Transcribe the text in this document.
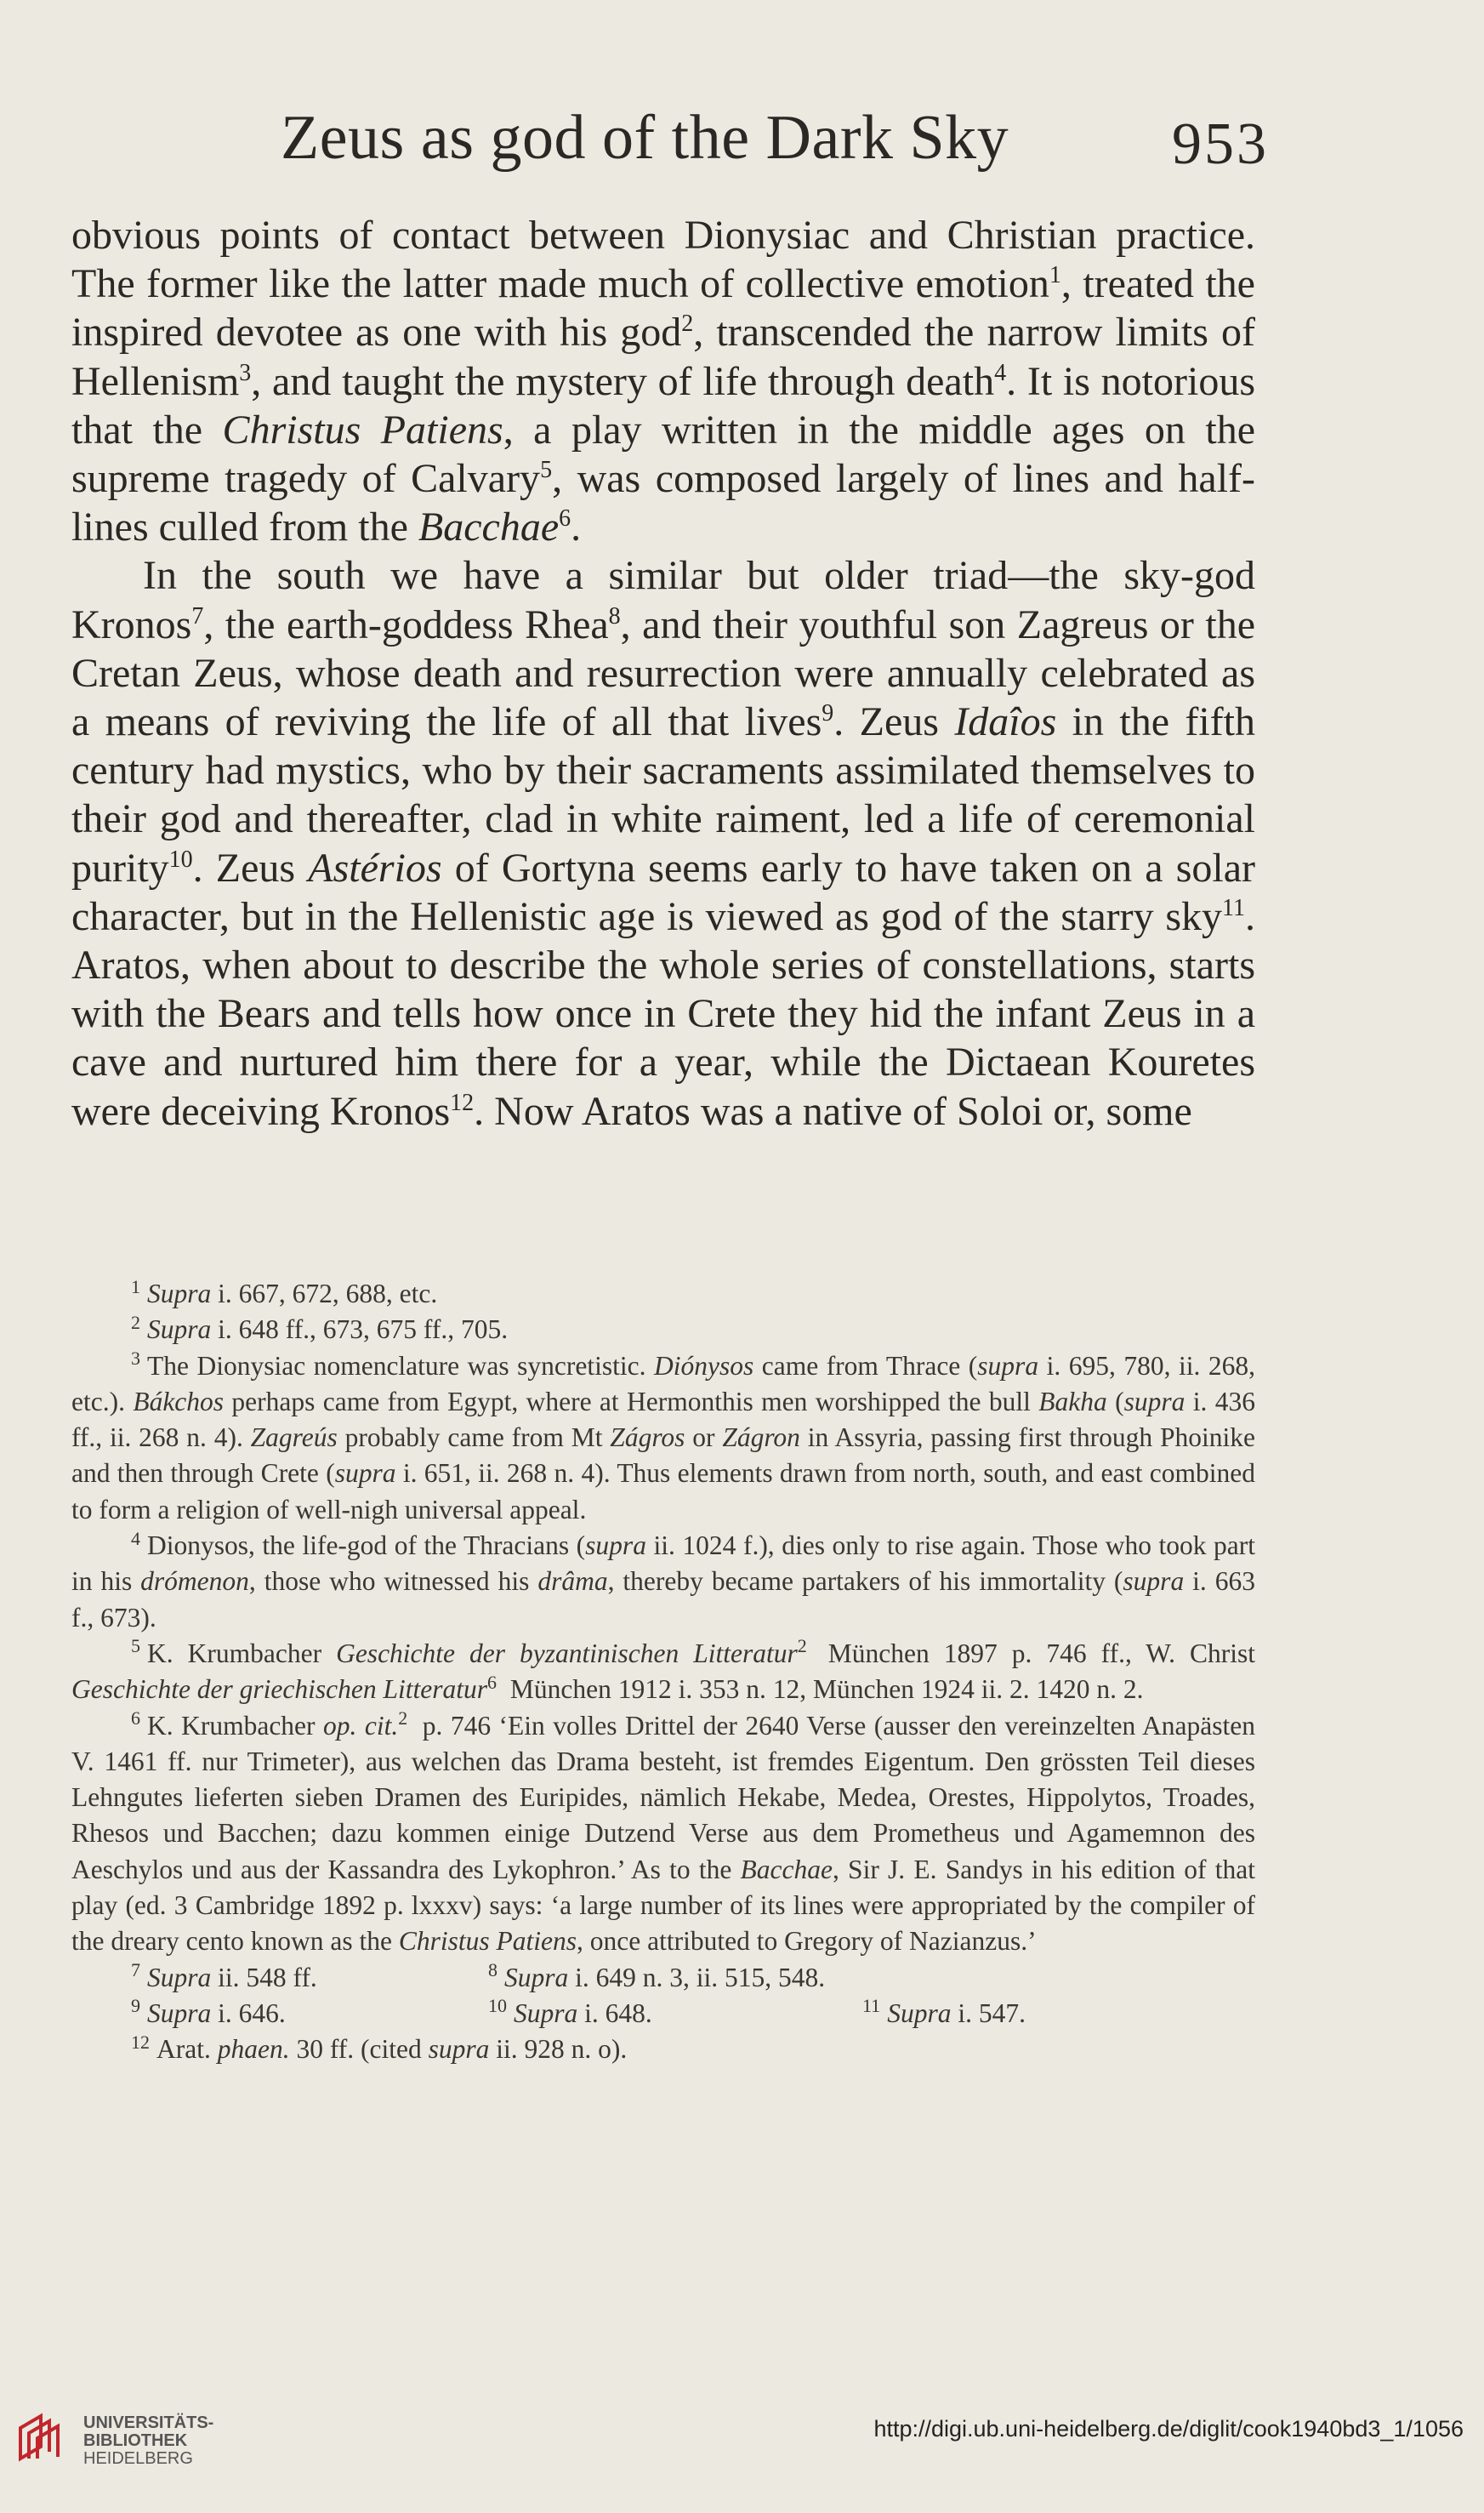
Zeus as god of the Dark Sky	953

obvious points of contact between Dionysiac and Christian practice. The former like the latter made much of collective emotion$^1$, treated the inspired devotee as one with his god$^2$, transcended the narrow limits of Hellenism$^3$, and taught the mystery of life through death$^4$. It is notorious that the Christus Patiens, a play written in the middle ages on the supreme tragedy of Calvary$^5$, was composed largely of lines and half-lines culled from the Bacchae$^6$.

In the south we have a similar but older triad—the sky-god Kronos$^7$, the earth-goddess Rhea$^8$, and their youthful son Zagreus or the Cretan Zeus, whose death and resurrection were annually celebrated as a means of reviving the life of all that lives$^9$. Zeus Idaîos in the fifth century had mystics, who by their sacraments assimilated themselves to their god and thereafter, clad in white raiment, led a life of ceremonial purity$^{10}$. Zeus Astérios of Gortyna seems early to have taken on a solar character, but in the Hellenistic age is viewed as god of the starry sky$^{11}$. Aratos, when about to describe the whole series of constellations, starts with the Bears and tells how once in Crete they hid the infant Zeus in a cave and nurtured him there for a year, while the Dictaean Kouretes were deceiving Kronos$^{12}$. Now Aratos was a native of Soloi or, some

$^1$ Supra i. 667, 672, 688, etc.

$^2$ Supra i. 648 ff., 673, 675 ff., 705.

$^3$ The Dionysiac nomenclature was syncretistic. Diónysos came from Thrace (supra i. 695, 780, ii. 268, etc.). Bákchos perhaps came from Egypt, where at Hermonthis men worshipped the bull Bakha (supra i. 436 ff., ii. 268 n. 4). Zagreús probably came from Mt Zágros or Zágron in Assyria, passing first through Phoinike and then through Crete (supra i. 651, ii. 268 n. 4). Thus elements drawn from north, south, and east combined to form a religion of well-nigh universal appeal.

$^4$ Dionysos, the life-god of the Thracians (supra ii. 1024 f.), dies only to rise again. Those who took part in his drómenon, those who witnessed his drâma, thereby became partakers of his immortality (supra i. 663 f., 673).

$^5$ K. Krumbacher Geschichte der byzantinischen Litteratur$^2$ München 1897 p. 746 ff., W. Christ Geschichte der griechischen Litteratur$^6$ München 1912 i. 353 n. 12, München 1924 ii. 2. 1420 n. 2.

$^6$ K. Krumbacher op. cit.$^2$ p. 746 ‘Ein volles Drittel der 2640 Verse (ausser den vereinzelten Anapästen V. 1461 ff. nur Trimeter), aus welchen das Drama besteht, ist fremdes Eigentum. Den grössten Teil dieses Lehngutes lieferten sieben Dramen des Euripides, nämlich Hekabe, Medea, Orestes, Hippolytos, Troades, Rhesos und Bacchen; dazu kommen einige Dutzend Verse aus dem Prometheus und Agamemnon des Aeschylos und aus der Kassandra des Lykophron.’ As to the Bacchae, Sir J. E. Sandys in his edition of that play (ed. 3 Cambridge 1892 p. lxxxv) says: ‘a large number of its lines were appropriated by the compiler of the dreary cento known as the Christus Patiens, once attributed to Gregory of Nazianzus.’

$^7$ Supra ii. 548 ff.	$^8$ Supra i. 649 n. 3, ii. 515, 548.

$^9$ Supra i. 646.	$^{10}$ Supra i. 648.	$^{11}$ Supra i. 547.

$^{12}$ Arat. phaen. 30 ff. (cited supra ii. 928 n. o).

UNIVERSITÄTS-
BIBLIOTHEK
HEIDELBERG
http://digi.ub.uni-heidelberg.de/diglit/cook1940bd3_1/1056
